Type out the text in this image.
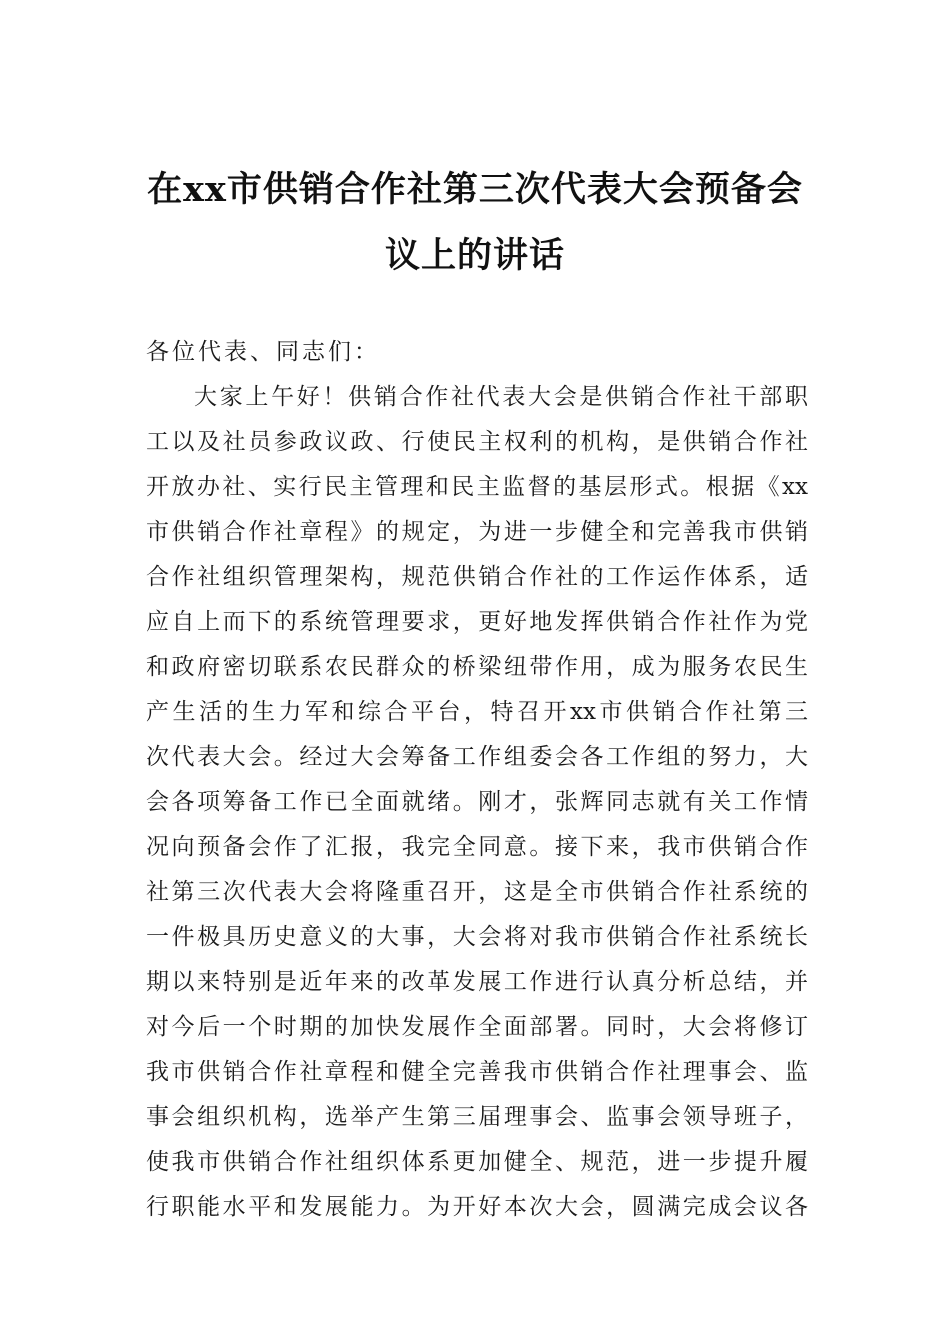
在xx市供销合作社第三次代表大会预备会
议上的讲话
各位代表、同志们：
大家上午好！供销合作社代表大会是供销合作社干部职
工以及社员参政议政、行使民主权利的机构，是供销合作社
开放办社、实行民主管理和民主监督的基层形式。根据《xx
市供销合作社章程》的规定，为进一步健全和完善我市供销
合作社组织管理架构，规范供销合作社的工作运作体系，适
应自上而下的系统管理要求，更好地发挥供销合作社作为党
和政府密切联系农民群众的桥梁纽带作用，成为服务农民生
产生活的生力军和综合平台，特召开xx市供销合作社第三
次代表大会。经过大会筹备工作组委会各工作组的努力，大
会各项筹备工作已全面就绪。刚才，张辉同志就有关工作情
况向预备会作了汇报，我完全同意。接下来，我市供销合作
社第三次代表大会将隆重召开，这是全市供销合作社系统的
一件极具历史意义的大事，大会将对我市供销合作社系统长
期以来特别是近年来的改革发展工作进行认真分析总结，并
对今后一个时期的加快发展作全面部署。同时，大会将修订
我市供销合作社章程和健全完善我市供销合作社理事会、监
事会组织机构，选举产生第三届理事会、监事会领导班子，
使我市供销合作社组织体系更加健全、规范，进一步提升履
行职能水平和发展能力。为开好本次大会，圆满完成会议各
